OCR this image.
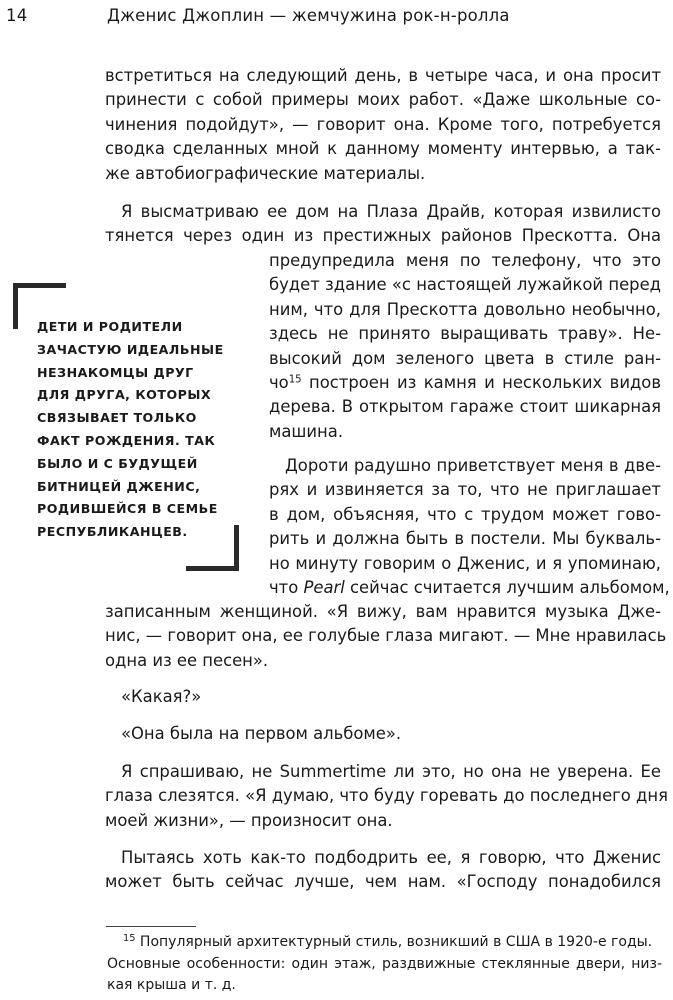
14	Дженис Джоплин — жемчужина рок-н-ролла
встретиться на следующий день, в четыре часа, и она просит
принести с собой примеры моих работ. «Даже школьные со-
чинения подойдут», — говорит она. Кроме того, потребуется
сводка сделанных мной к данному моменту интервью, а так-
же автобиографические материалы.
Я высматриваю ее дом на Плаза Драйв, которая извилисто
тянется через один из престижных районов Прескотта. Она
предупредила меня по телефону, что это
будет здание «с настоящей лужайкой перед
ним, что для Прескотта довольно необычно,
здесь не принято выращивать траву». Не-
высокий дом зеленого цвета в стиле ран-
$чо^{15}$ построен из камня и нескольких видов
дерева. В открытом гараже стоит шикарная
машина.
Дороти радушно приветствует меня в две-
рях и извиняется за то, что не приглашает
в дом, объясняя, что с трудом может гово-
рить и должна быть в постели. Мы букваль-
но минуту говорим о Дженис, и я упоминаю,
что Pearl сейчас считается лучшим альбомом,
записанным женщиной. «Я вижу, вам нравится музыка Дже-
нис, — говорит она, ее голубые глаза мигают. — Мне нравилась
одна из ее песен».
«Какая?»
«Она была на первом альбоме».
Я спрашиваю, не Summertime ли это, но она не уверена. Ее
глаза слезятся. «Я думаю, что буду горевать до последнего дня
моей жизни», — произносит она.
Пытаясь хоть как-то подбодрить ее, я говорю, что Дженис
может быть сейчас лучше, чем нам. «Господу понадобился
ДЕТИ И РОДИТЕЛИ
ЗАЧАСТУЮ ИДЕАЛЬНЫЕ
НЕЗНАКОМЦЫ ДРУГ
ДЛЯ ДРУГА, КОТОРЫХ
СВЯЗЫВАЕТ ТОЛЬКО
ФАКТ РОЖДЕНИЯ. ТАК
БЫЛО И С БУДУЩЕЙ
БИТНИЦЕЙ ДЖЕНИС,
РОДИВШЕЙСЯ В СЕМЬЕ
РЕСПУБЛИКАНЦЕВ.
$^{15}$ Популярный архитектурный стиль, возникший в США в 1920-е годы.
Основные особенности: один этаж, раздвижные стеклянные двери, низ-
кая крыша и т. д.
